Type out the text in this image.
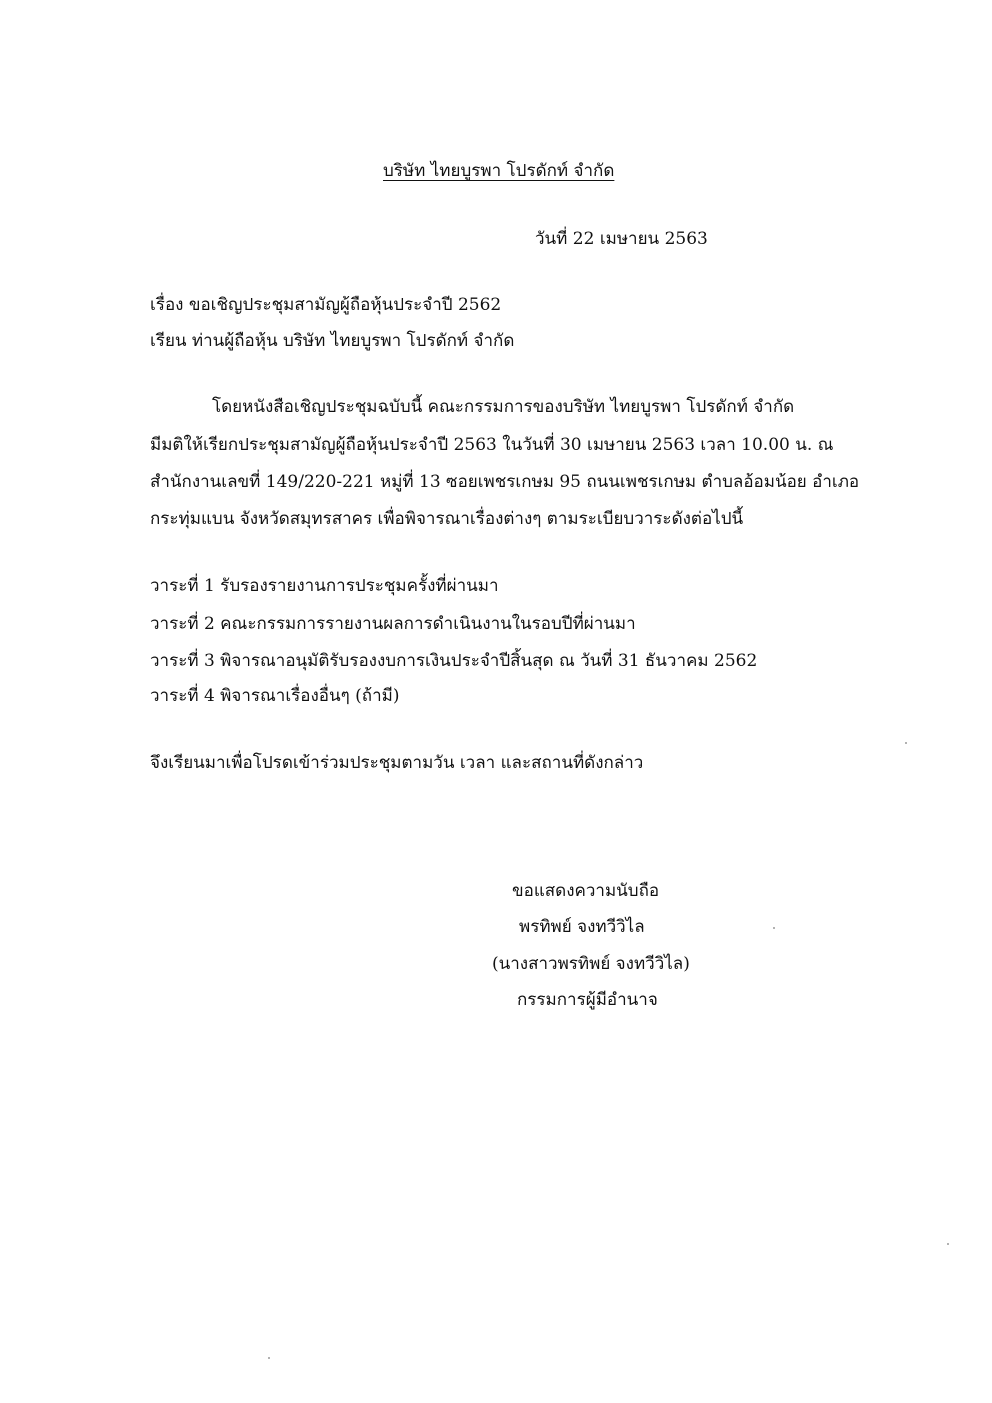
บริษัท ไทยบูรพา โปรดักท์ จำกัด
วันที่ 22 เมษายน 2563
เรื่อง ขอเชิญประชุมสามัญผู้ถือหุ้นประจำปี 2562
เรียน ท่านผู้ถือหุ้น บริษัท ไทยบูรพา โปรดักท์ จำกัด
โดยหนังสือเชิญประชุมฉบับนี้ คณะกรรมการของบริษัท ไทยบูรพา โปรดักท์ จำกัด
มีมติให้เรียกประชุมสามัญผู้ถือหุ้นประจำปี 2563 ในวันที่ 30 เมษายน 2563 เวลา 10.00 น. ณ
สำนักงานเลขที่ 149/220-221 หมู่ที่ 13 ซอยเพชรเกษม 95 ถนนเพชรเกษม ตำบลอ้อมน้อย อำเภอ
กระทุ่มแบน จังหวัดสมุทรสาคร เพื่อพิจารณาเรื่องต่างๆ ตามระเบียบวาระดังต่อไปนี้
วาระที่ 1 รับรองรายงานการประชุมครั้งที่ผ่านมา
วาระที่ 2 คณะกรรมการรายงานผลการดำเนินงานในรอบปีที่ผ่านมา
วาระที่ 3 พิจารณาอนุมัติรับรองงบการเงินประจำปีสิ้นสุด ณ วันที่ 31 ธันวาคม 2562
วาระที่ 4 พิจารณาเรื่องอื่นๆ (ถ้ามี)
จึงเรียนมาเพื่อโปรดเข้าร่วมประชุมตามวัน เวลา และสถานที่ดังกล่าว
ขอแสดงความนับถือ
พรทิพย์ จงทวีวิไล
(นางสาวพรทิพย์ จงทวีวิไล)
กรรมการผู้มีอำนาจ
